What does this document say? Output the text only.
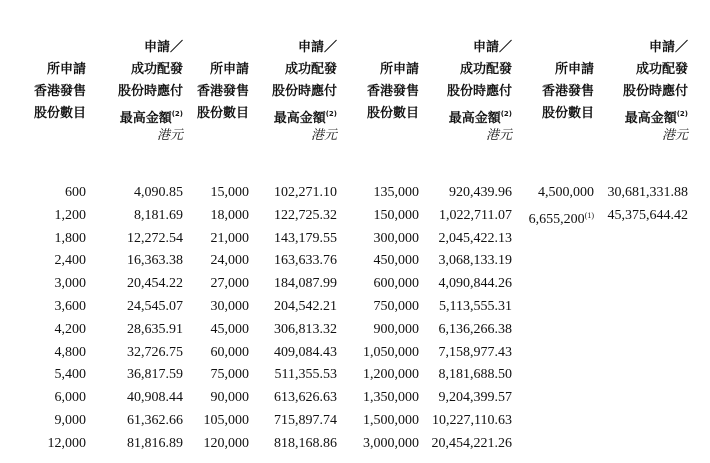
所申請
香港發售
股份數目
申請／
成功配發
股份時應付
最高金額$^{(2)}$
港元
所申請
香港發售
股份數目
申請／
成功配發
股份時應付
最高金額$^{(2)}$
港元
所申請
香港發售
股份數目
申請／
成功配發
股份時應付
最高金額$^{(2)}$
港元
所申請
香港發售
股份數目
申請／
成功配發
股份時應付
最高金額$^{(2)}$
港元
600
1,200
1,800
2,400
3,000
3,600
4,200
4,800
5,400
6,000
9,000
12,000
4,090.85
8,181.69
12,272.54
16,363.38
20,454.22
24,545.07
28,635.91
32,726.75
36,817.59
40,908.44
61,362.66
81,816.89
15,000
18,000
21,000
24,000
27,000
30,000
45,000
60,000
75,000
90,000
105,000
120,000
102,271.10
122,725.32
143,179.55
163,633.76
184,087.99
204,542.21
306,813.32
409,084.43
511,355.53
613,626.63
715,897.74
818,168.86
135,000
150,000
300,000
450,000
600,000
750,000
900,000
1,050,000
1,200,000
1,350,000
1,500,000
3,000,000
920,439.96
1,022,711.07
2,045,422.13
3,068,133.19
4,090,844.26
5,113,555.31
6,136,266.38
7,158,977.43
8,181,688.50
9,204,399.57
10,227,110.63
20,454,221.26
4,500,000
6,655,200$^{(1)}$
30,681,331.88
45,375,644.42
